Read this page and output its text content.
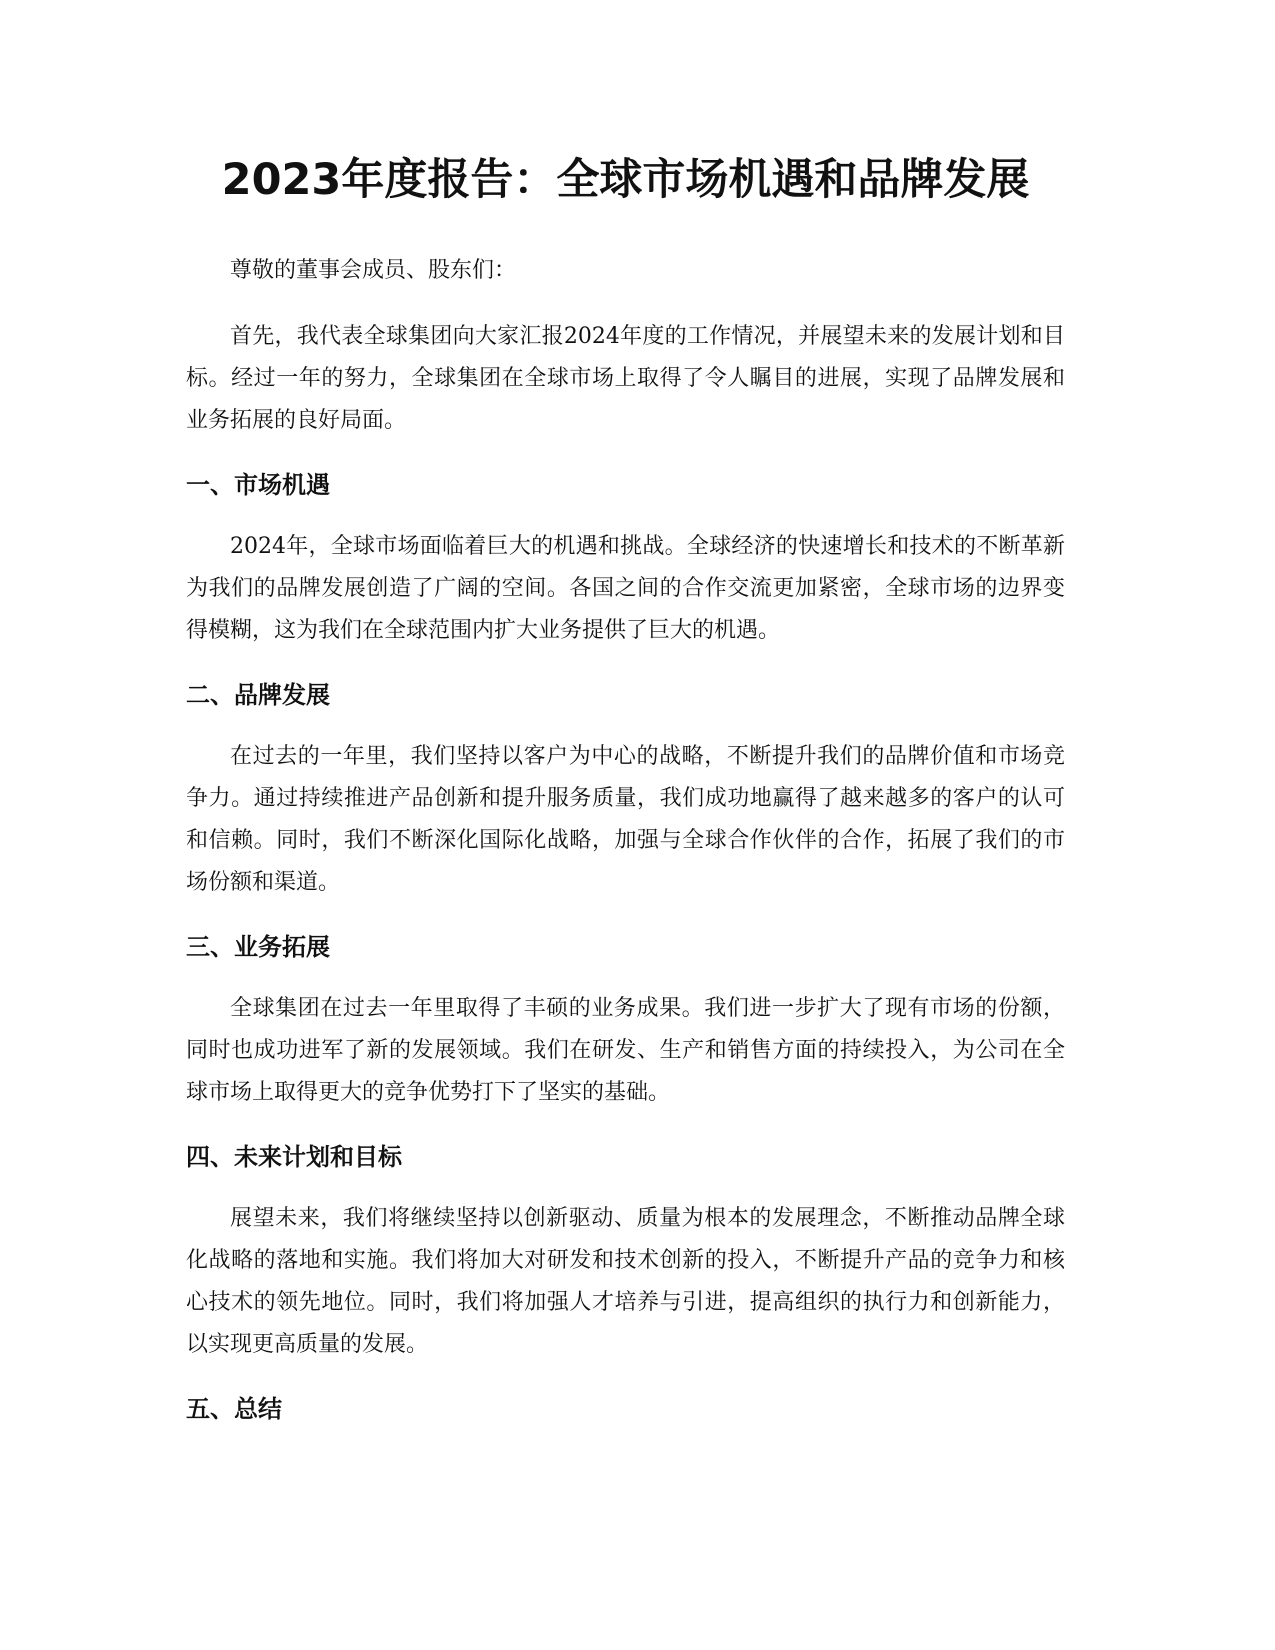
2023年度报告：全球市场机遇和品牌发展

尊敬的董事会成员、股东们：

首先，我代表全球集团向大家汇报2024年度的工作情况，并展望未来的发展计划和目标。经过一年的努力，全球集团在全球市场上取得了令人瞩目的进展，实现了品牌发展和业务拓展的良好局面。

一、市场机遇

2024年，全球市场面临着巨大的机遇和挑战。全球经济的快速增长和技术的不断革新为我们的品牌发展创造了广阔的空间。各国之间的合作交流更加紧密，全球市场的边界变得模糊，这为我们在全球范围内扩大业务提供了巨大的机遇。

二、品牌发展

在过去的一年里，我们坚持以客户为中心的战略，不断提升我们的品牌价值和市场竞争力。通过持续推进产品创新和提升服务质量，我们成功地赢得了越来越多的客户的认可和信赖。同时，我们不断深化国际化战略，加强与全球合作伙伴的合作，拓展了我们的市场份额和渠道。

三、业务拓展

全球集团在过去一年里取得了丰硕的业务成果。我们进一步扩大了现有市场的份额，同时也成功进军了新的发展领域。我们在研发、生产和销售方面的持续投入，为公司在全球市场上取得更大的竞争优势打下了坚实的基础。

四、未来计划和目标

展望未来，我们将继续坚持以创新驱动、质量为根本的发展理念，不断推动品牌全球化战略的落地和实施。我们将加大对研发和技术创新的投入，不断提升产品的竞争力和核心技术的领先地位。同时，我们将加强人才培养与引进，提高组织的执行力和创新能力，以实现更高质量的发展。

五、总结
